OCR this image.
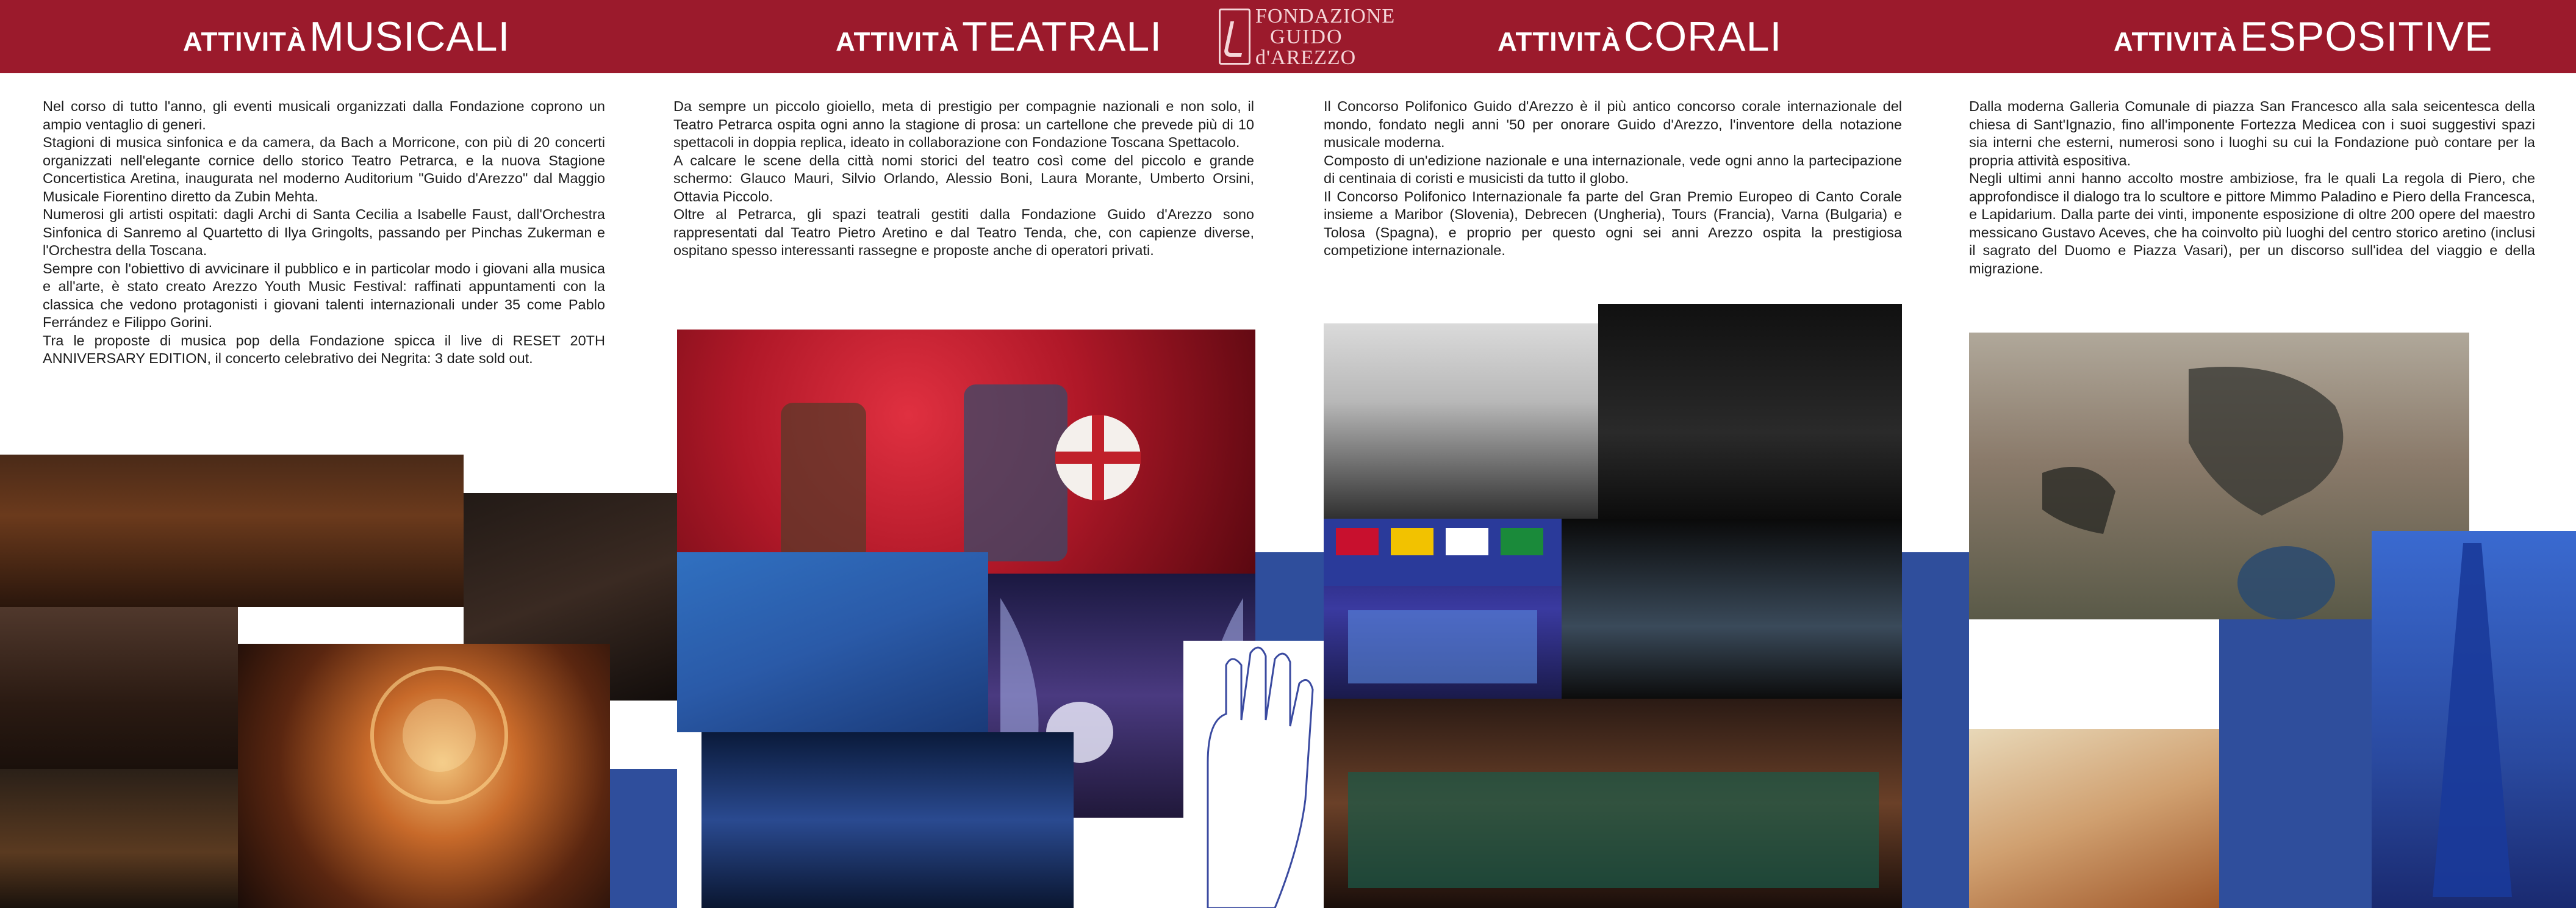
ATTIVITÀ MUSICALI	ATTIVITÀ TEATRALI	FONDAZIONE
GUIDO
d'AREZZO
ATTIVITÀ CORALI	ATTIVITÀ ESPOSITIVE

Nel corso di tutto l'anno, gli eventi musicali organizzati dalla Fondazione coprono un ampio ventaglio di generi.

Stagioni di musica sinfonica e da camera, da Bach a Morricone, con più di 20 concerti organizzati nell'elegante cornice dello storico Teatro Petrarca, e la nuova Stagione Concertistica Aretina, inaugurata nel moderno Auditorium "Guido d'Arezzo" dal Maggio Musicale Fiorentino diretto da Zubin Mehta.

Numerosi gli artisti ospitati: dagli Archi di Santa Cecilia a Isabelle Faust, dall'Orchestra Sinfonica di Sanremo al Quartetto di Ilya Gringolts, passando per Pinchas Zukerman e l'Orchestra della Toscana.

Sempre con l'obiettivo di avvicinare il pubblico e in particolar modo i giovani alla musica e all'arte, è stato creato Arezzo Youth Music Festival: raffinati appuntamenti con la classica che vedono protagonisti i giovani talenti internazionali under 35 come Pablo Ferrández e Filippo Gorini.

Tra le proposte di musica pop della Fondazione spicca il live di RESET 20TH ANNIVERSARY EDITION, il concerto celebrativo dei Negrita: 3 date sold out.

Da sempre un piccolo gioiello, meta di prestigio per compagnie nazionali e non solo, il Teatro Petrarca ospita ogni anno la stagione di prosa: un cartellone che prevede più di 10 spettacoli in doppia replica, ideato in collaborazione con Fondazione Toscana Spettacolo.

A calcare le scene della città nomi storici del teatro così come del piccolo e grande schermo: Glauco Mauri, Silvio Orlando, Alessio Boni, Laura Morante, Umberto Orsini, Ottavia Piccolo.

Oltre al Petrarca, gli spazi teatrali gestiti dalla Fondazione Guido d'Arezzo sono rappresentati dal Teatro Pietro Aretino e dal Teatro Tenda, che, con capienze diverse, ospitano spesso interessanti rassegne e proposte anche di operatori privati.

Il Concorso Polifonico Guido d'Arezzo è il più antico concorso corale internazionale del mondo, fondato negli anni '50 per onorare Guido d'Arezzo, l'inventore della notazione musicale moderna.

Composto di un'edizione nazionale e una internazionale, vede ogni anno la partecipazione di centinaia di coristi e musicisti da tutto il globo.

Il Concorso Polifonico Internazionale fa parte del Gran Premio Europeo di Canto Corale insieme a Maribor (Slovenia), Debrecen (Ungheria), Tours (Francia), Varna (Bulgaria) e Tolosa (Spagna), e proprio per questo ogni sei anni Arezzo ospita la prestigiosa competizione internazionale.

Dalla moderna Galleria Comunale di piazza San Francesco alla sala seicentesca della chiesa di Sant'Ignazio, fino all'imponente Fortezza Medicea con i suoi suggestivi spazi sia interni che esterni, numerosi sono i luoghi su cui la Fondazione può contare per la propria attività espositiva.

Negli ultimi anni hanno accolto mostre ambiziose, fra le quali La regola di Piero, che approfondisce il dialogo tra lo scultore e pittore Mimmo Paladino e Piero della Francesca, e Lapidarium. Dalla parte dei vinti, imponente esposizione di oltre 200 opere del maestro messicano Gustavo Aceves, che ha coinvolto più luoghi del centro storico aretino (inclusi il sagrato del Duomo e Piazza Vasari), per un discorso sull'idea del viaggio e della migrazione.
